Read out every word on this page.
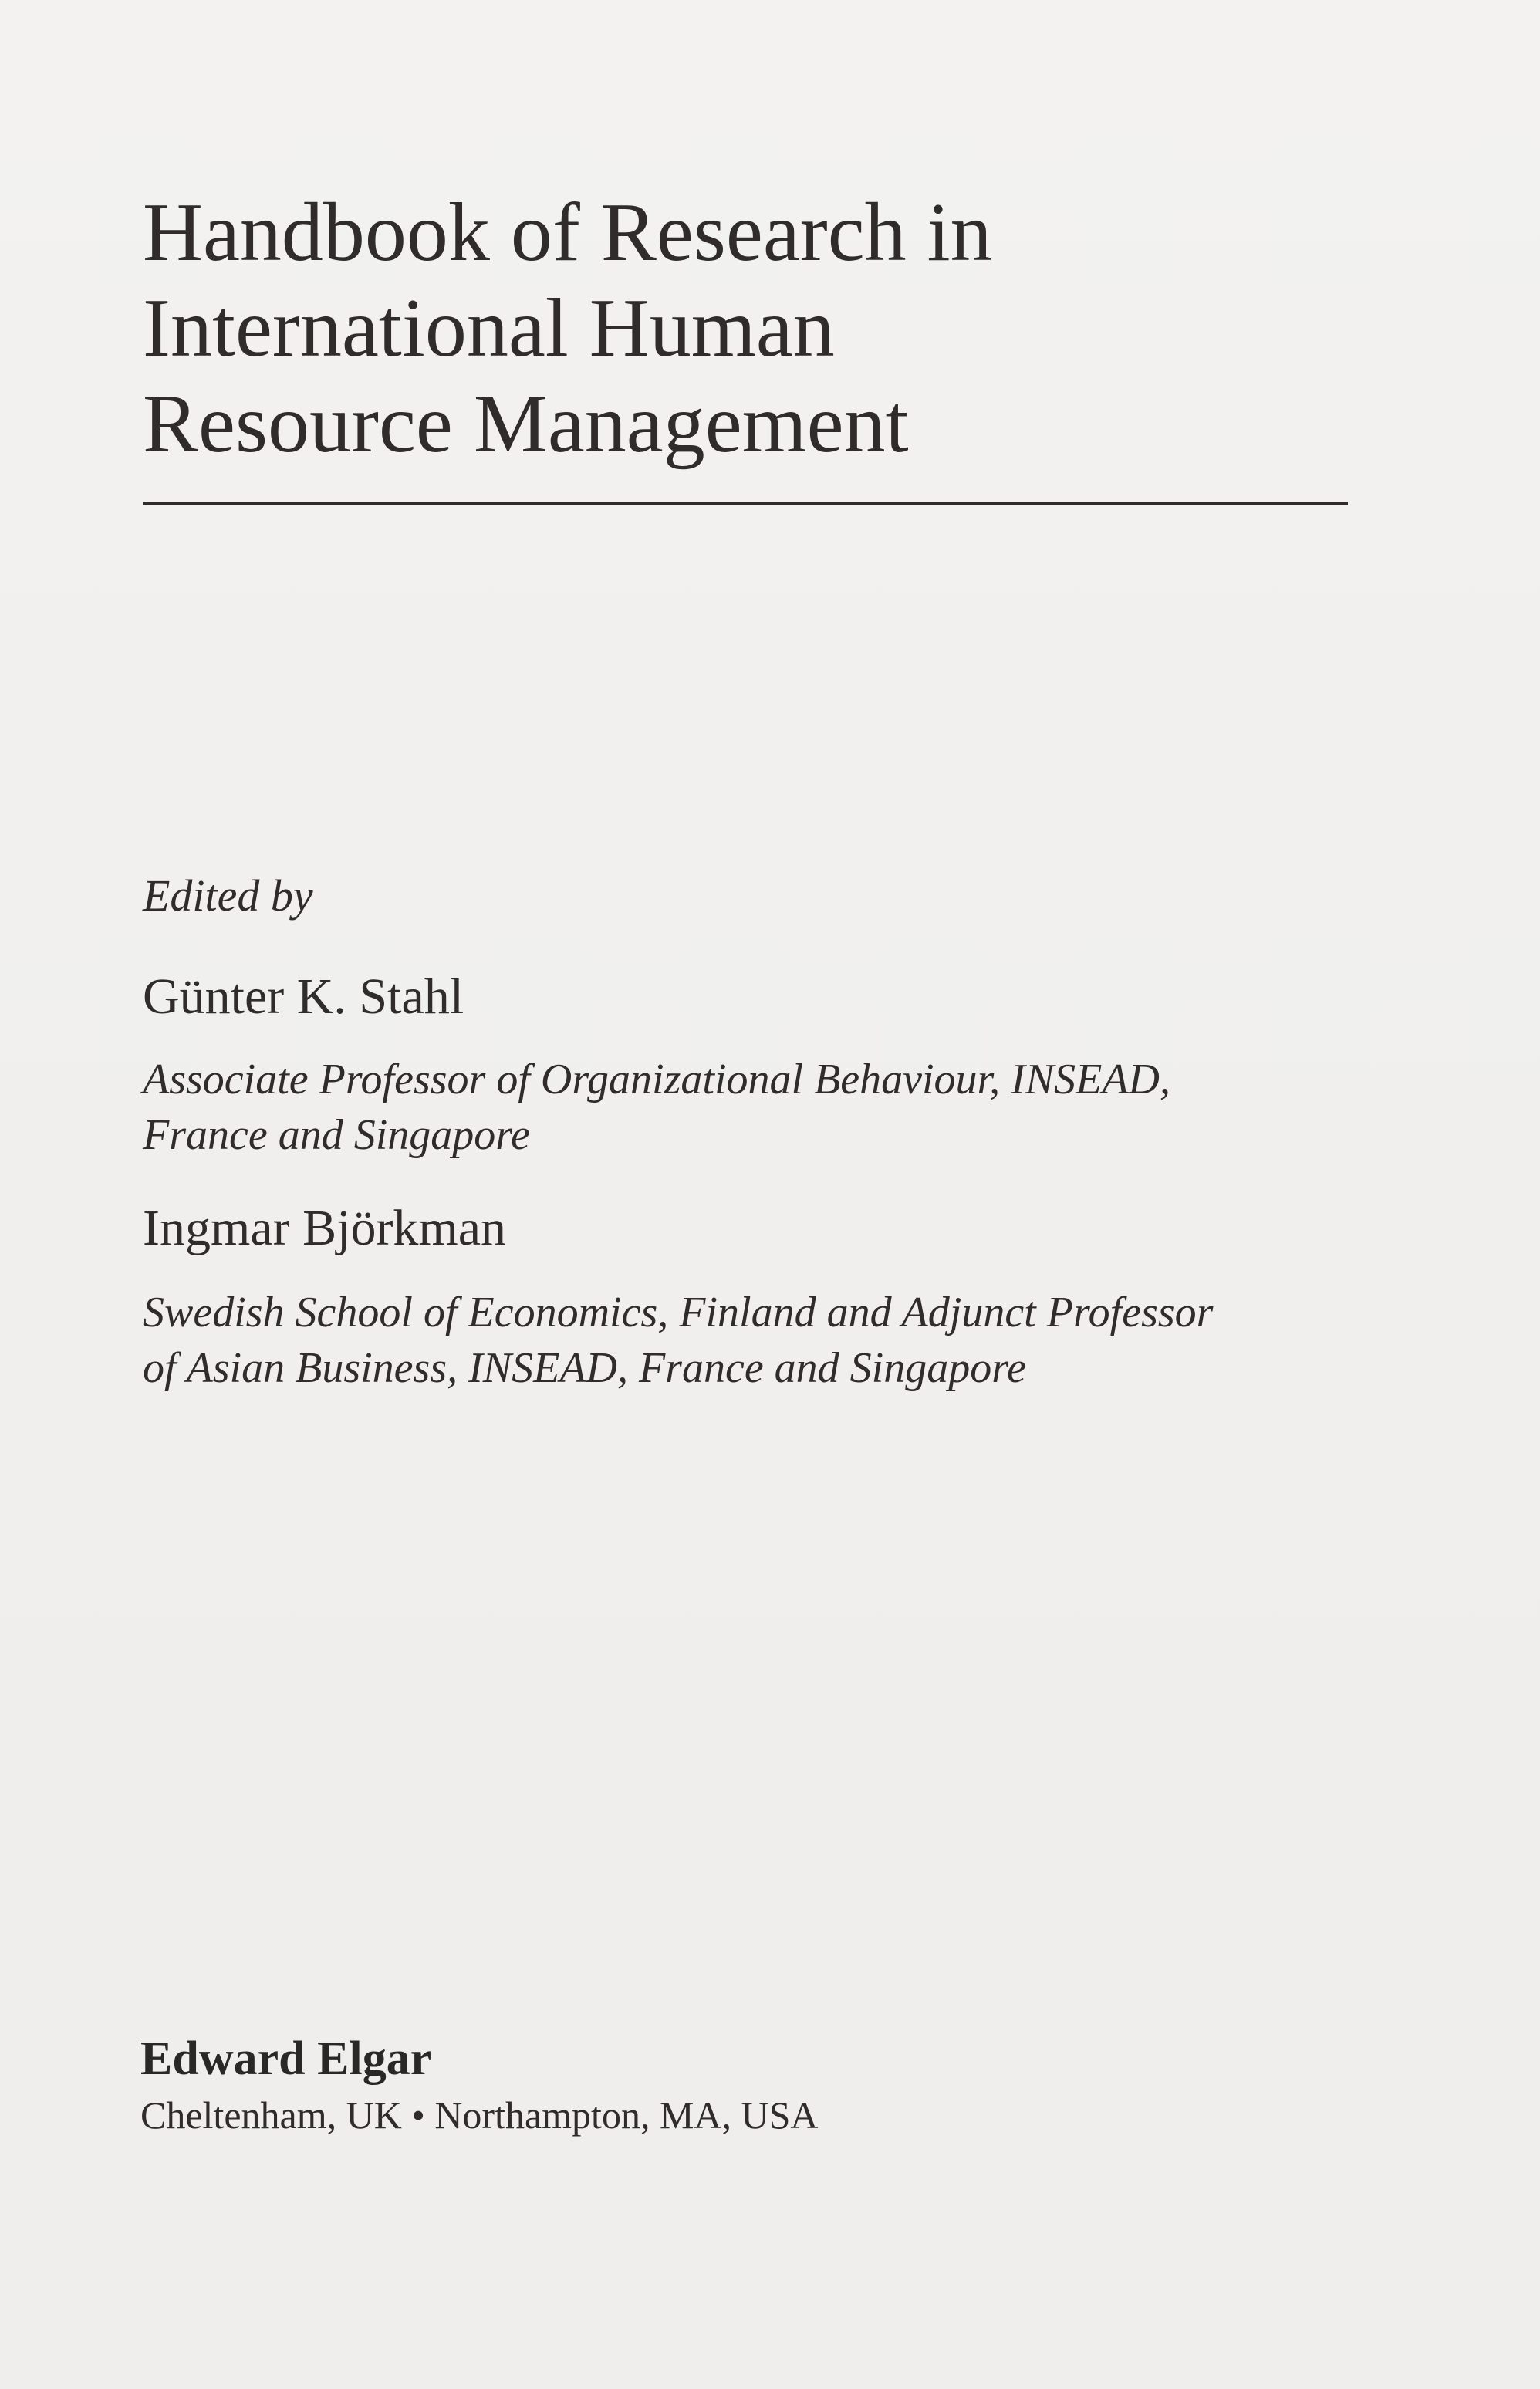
Handbook of Research in
International Human
Resource Management
Edited by
Günter K. Stahl
Associate Professor of Organizational Behaviour, INSEAD,
France and Singapore
Ingmar Björkman
Swedish School of Economics, Finland and Adjunct Professor
of Asian Business, INSEAD, France and Singapore
Edward Elgar
Cheltenham, UK • Northampton, MA, USA
